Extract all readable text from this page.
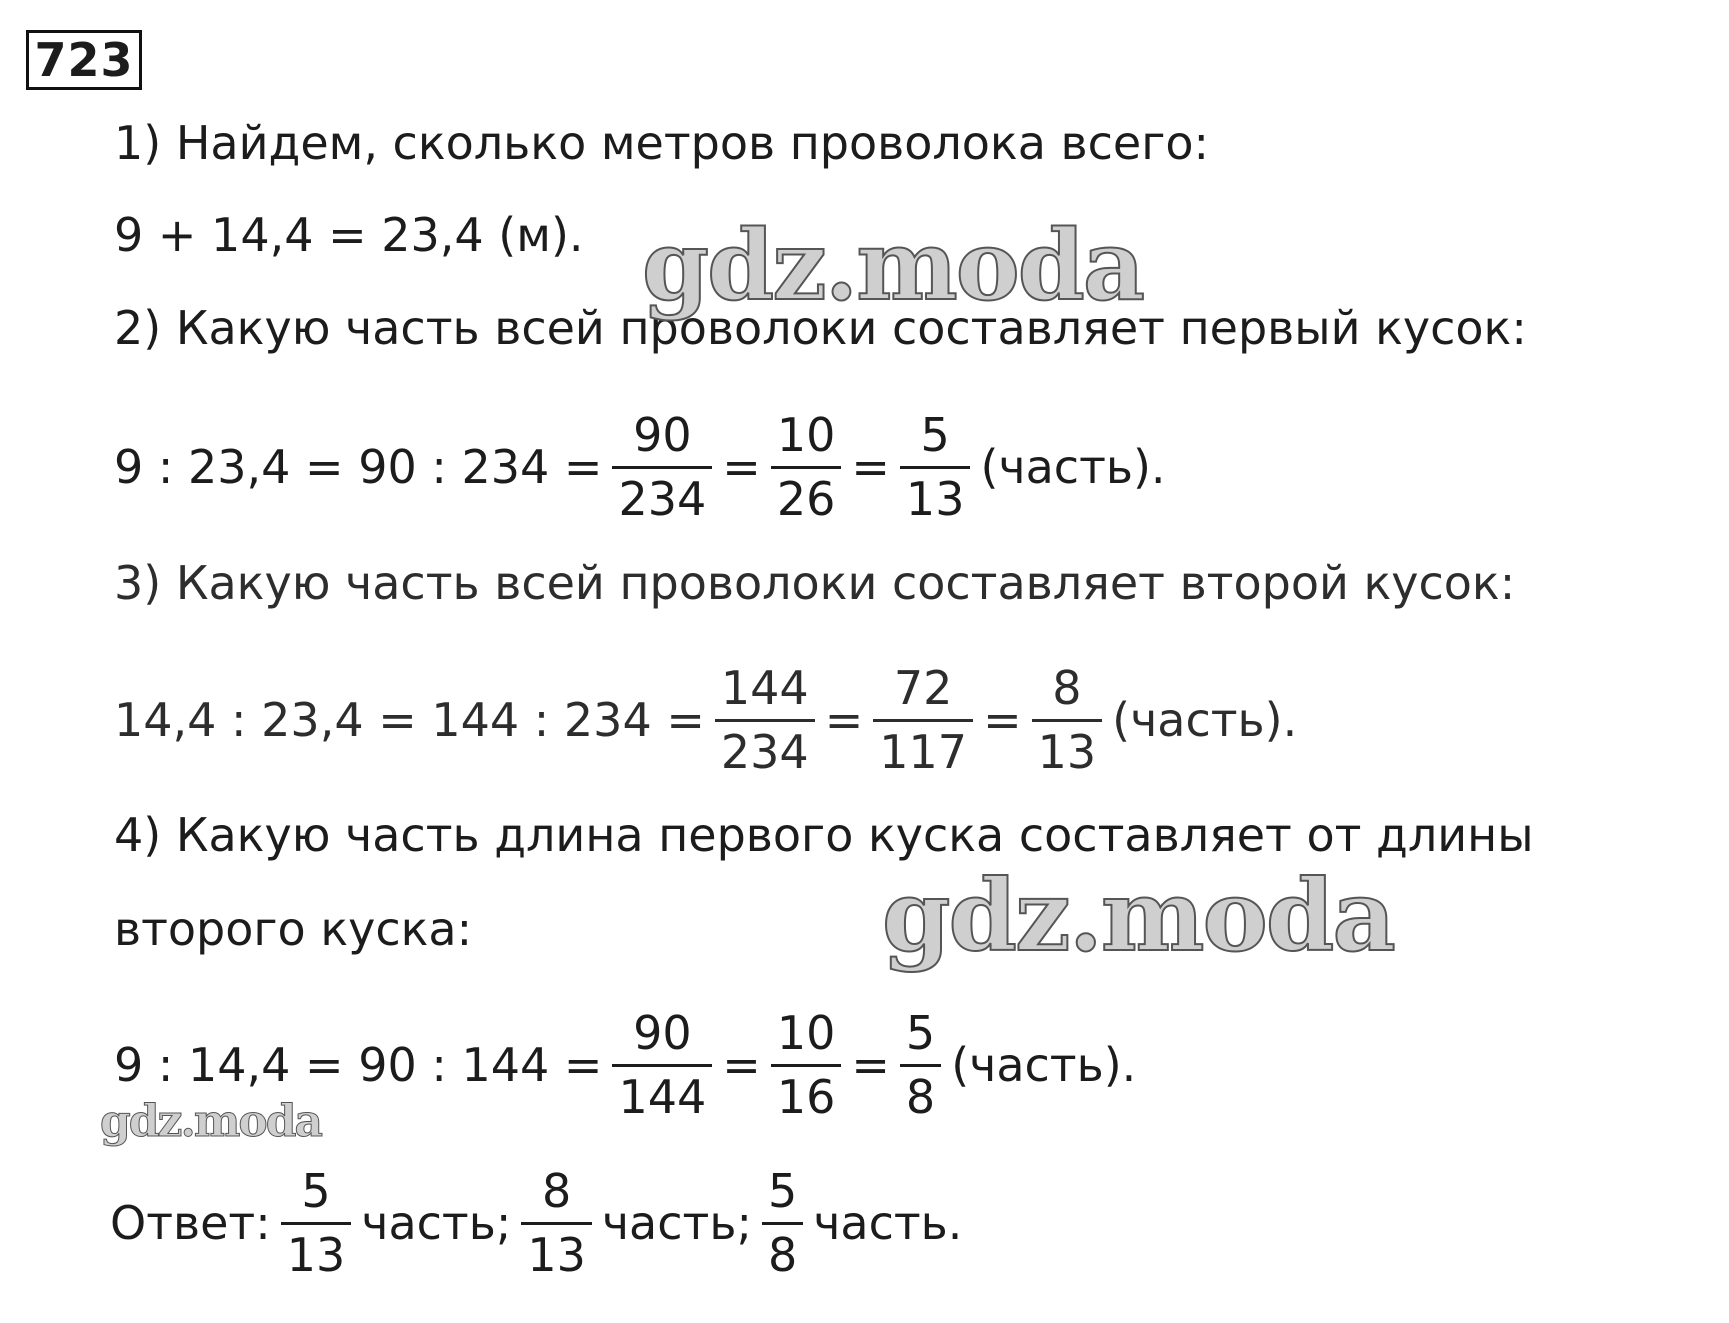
723
1) Найдем, сколько метров проволока всего:
9 + 14,4 = 23,4 (м).
2) Какую часть всей проволоки составляет первый кусок:
9 : 23,4 = 90 : $234 = \frac{90}{234} = \frac{10}{26} = \frac{5}{13}$ (часть).
3) Какую часть всей проволоки составляет второй кусок:
14,4 : 23,4 = 144 : $234 = \frac{144}{234} = \frac{72}{117} = \frac{8}{13}$ (часть).
4) Какую часть длина первого куска составляет от длины
второго куска:
9 : 14,4 = 90 : $144 = \frac{90}{144} = \frac{10}{16} = \frac{5}{8}$ (часть).
Ответ: $\frac{5}{13}$ часть; $\frac{8}{13}$ часть; $\frac{5}{8}$ часть.
gdz.moda
gdz.moda
gdz.moda
